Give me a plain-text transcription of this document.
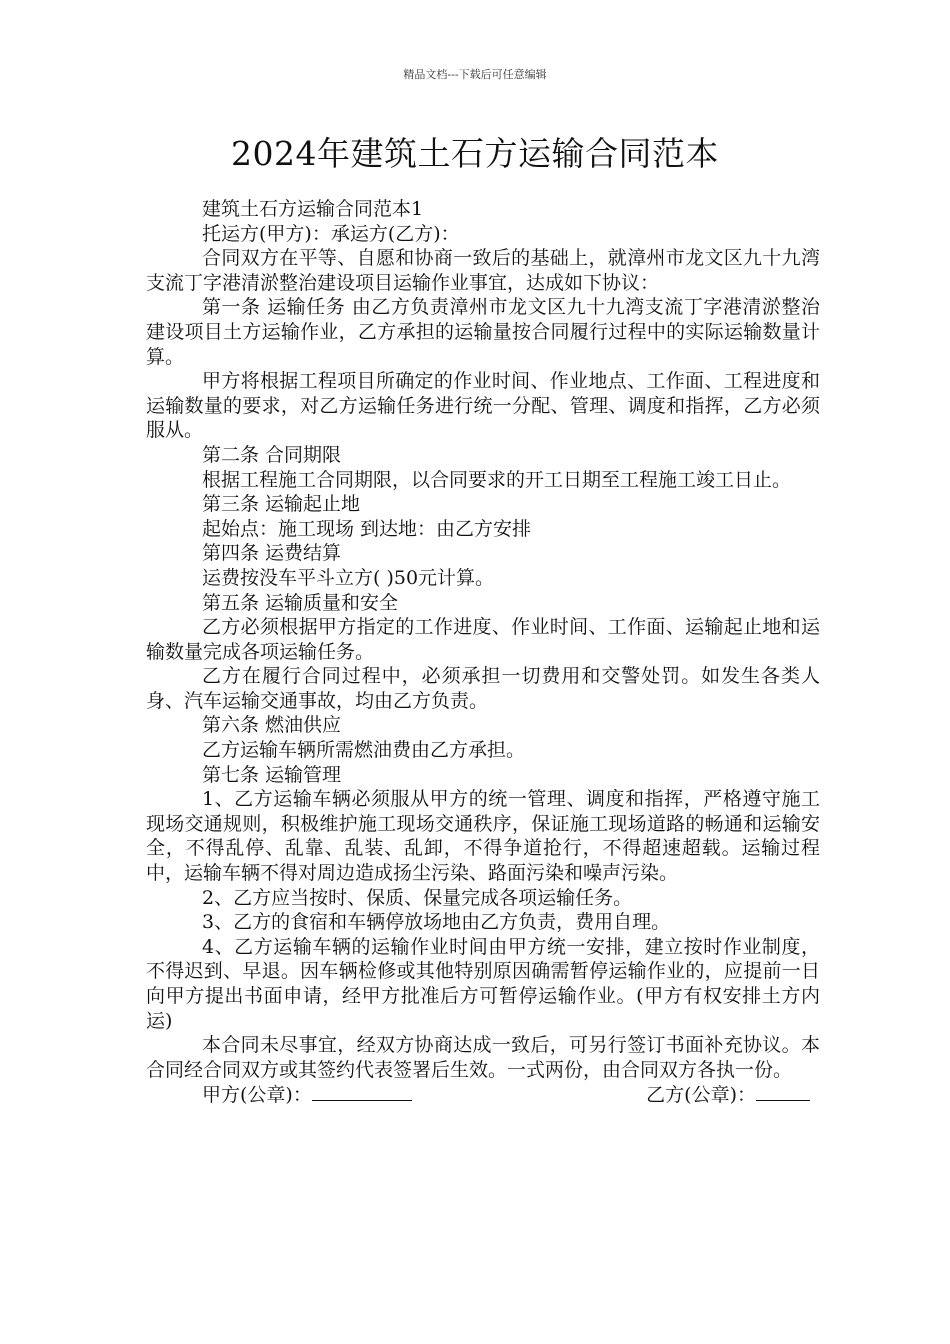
精品文档---下载后可任意编辑
2024年建筑土石方运输合同范本

建筑土石方运输合同范本1

托运方(甲方)：承运方(乙方)：

合同双方在平等、自愿和协商一致后的基础上，就漳州市龙文区九十九湾支流丁字港清淤整治建设项目运输作业事宜，达成如下协议：

第一条 运输任务 由乙方负责漳州市龙文区九十九湾支流丁字港清淤整治建设项目土方运输作业，乙方承担的运输量按合同履行过程中的实际运输数量计算。

甲方将根据工程项目所确定的作业时间、作业地点、工作面、工程进度和运输数量的要求，对乙方运输任务进行统一分配、管理、调度和指挥，乙方必须服从。

第二条 合同期限

根据工程施工合同期限，以合同要求的开工日期至工程施工竣工日止。

第三条 运输起止地

起始点：施工现场 到达地：由乙方安排

第四条 运费结算

运费按没车平斗立方( )50元计算。

第五条 运输质量和安全

乙方必须根据甲方指定的工作进度、作业时间、工作面、运输起止地和运输数量完成各项运输任务。

乙方在履行合同过程中，必须承担一切费用和交警处罚。如发生各类人身、汽车运输交通事故，均由乙方负责。

第六条 燃油供应

乙方运输车辆所需燃油费由乙方承担。

第七条 运输管理

1、乙方运输车辆必须服从甲方的统一管理、调度和指挥，严格遵守施工现场交通规则，积极维护施工现场交通秩序，保证施工现场道路的畅通和运输安全，不得乱停、乱靠、乱装、乱卸，不得争道抢行，不得超速超载。运输过程中，运输车辆不得对周边造成扬尘污染、路面污染和噪声污染。

2、乙方应当按时、保质、保量完成各项运输任务。

3、乙方的食宿和车辆停放场地由乙方负责，费用自理。

4、乙方运输车辆的运输作业时间由甲方统一安排，建立按时作业制度，不得迟到、早退。因车辆检修或其他特别原因确需暂停运输作业的，应提前一日向甲方提出书面申请，经甲方批准后方可暂停运输作业。(甲方有权安排土方内运)

本合同未尽事宜，经双方协商达成一致后，可另行签订书面补充协议。本合同经合同双方或其签约代表签署后生效。一式两份，由合同双方各执一份。

甲方(公章)：	乙方(公章)：
